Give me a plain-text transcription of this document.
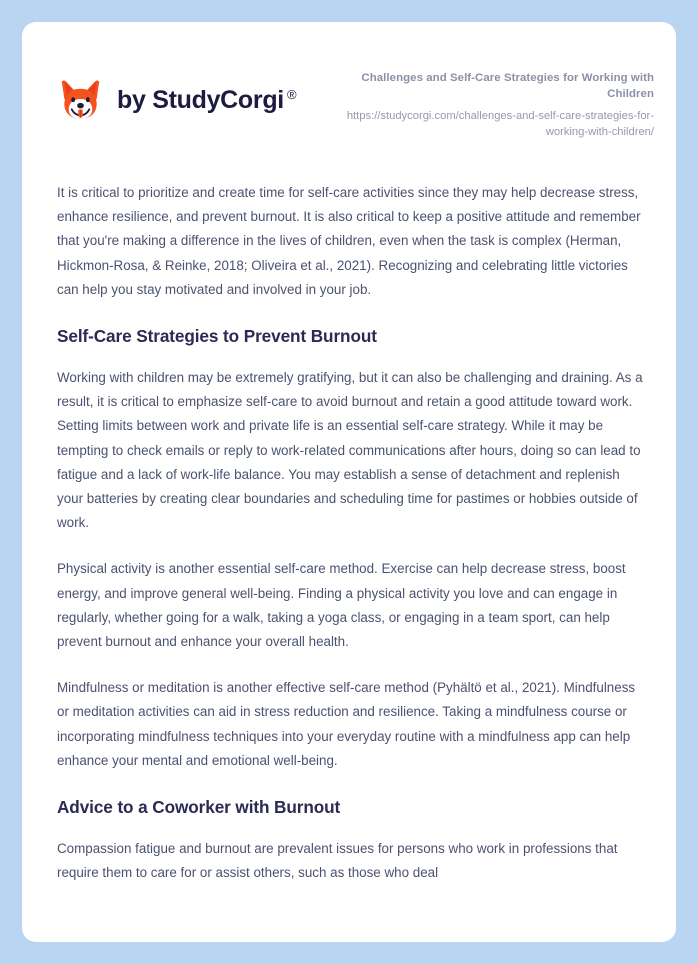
by StudyCorgi ®
Challenges and Self-Care Strategies for Working with Children
https://studycorgi.com/challenges-and-self-care-strategies-for-working-with-children/

It is critical to prioritize and create time for self-care activities since they may help decrease stress, enhance resilience, and prevent burnout. It is also critical to keep a positive attitude and remember that you're making a difference in the lives of children, even when the task is complex (Herman, Hickmon-Rosa, & Reinke, 2018; Oliveira et al., 2021). Recognizing and celebrating little victories can help you stay motivated and involved in your job.

Self-Care Strategies to Prevent Burnout

Working with children may be extremely gratifying, but it can also be challenging and draining. As a result, it is critical to emphasize self-care to avoid burnout and retain a good attitude toward work. Setting limits between work and private life is an essential self-care strategy. While it may be tempting to check emails or reply to work-related communications after hours, doing so can lead to fatigue and a lack of work-life balance. You may establish a sense of detachment and replenish your batteries by creating clear boundaries and scheduling time for pastimes or hobbies outside of work.

Physical activity is another essential self-care method. Exercise can help decrease stress, boost energy, and improve general well-being. Finding a physical activity you love and can engage in regularly, whether going for a walk, taking a yoga class, or engaging in a team sport, can help prevent burnout and enhance your overall health.

Mindfulness or meditation is another effective self-care method (Pyhältö et al., 2021). Mindfulness or meditation activities can aid in stress reduction and resilience. Taking a mindfulness course or incorporating mindfulness techniques into your everyday routine with a mindfulness app can help enhance your mental and emotional well-being.

Advice to a Coworker with Burnout

Compassion fatigue and burnout are prevalent issues for persons who work in professions that require them to care for or assist others, such as those who deal
